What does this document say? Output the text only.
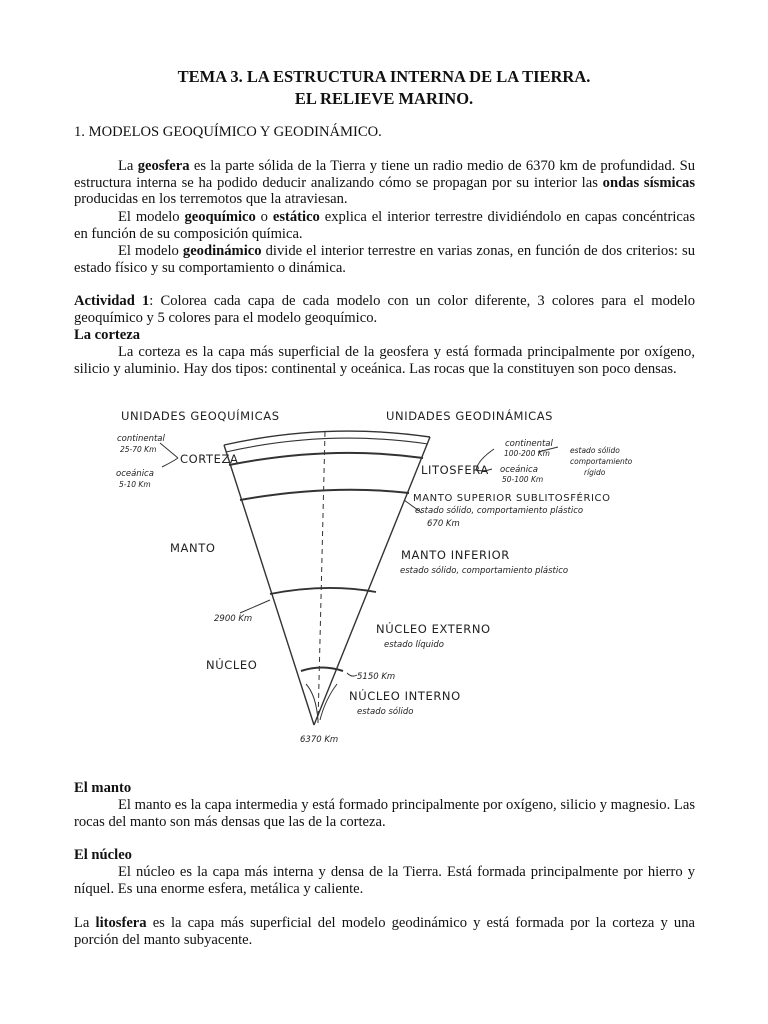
TEMA 3. LA ESTRUCTURA INTERNA DE LA TIERRA.
EL RELIEVE MARINO.
1. MODELOS GEOQUÍMICO Y GEODINÁMICO.

La geosfera es la parte sólida de la Tierra y tiene un radio medio de 6370 km de profundidad. Su estructura interna se ha podido deducir analizando cómo se propagan por su interior las ondas sísmicas producidas en los terremotos que la atraviesan.

El modelo geoquímico o estático explica el interior terrestre dividiéndolo en capas concéntricas en función de su composición química.

El modelo geodinámico divide el interior terrestre en varias zonas, en función de dos criterios: su estado físico y su comportamiento o dinámica.

Actividad 1: Colorea cada capa de cada modelo con un color diferente, 3 colores para el modelo geoquímico y 5 colores para el modelo geoquímico.

La corteza

La corteza es la capa más superficial de la geosfera y está formada principalmente por oxígeno, silicio y aluminio. Hay dos tipos: continental y oceánica. Las rocas que la constituyen son poco densas.

UNIDADES GEOQUÍMICAS	UNIDADES GEODINÁMICAS
continental
25-70 Km
oceánica
5-10 Km
CORTEZA
MANTO
2900 Km
NÚCLEO
LITOSFERA
continental
100-200 Km
oceánica
50-100 Km
estado sólido
comportamiento
rígido
MANTO SUPERIOR SUBLITOSFÉRICO
estado sólido, comportamiento plástico
670 Km
MANTO INFERIOR
estado sólido, comportamiento plástico
NÚCLEO EXTERNO
estado líquido
5150 Km
NÚCLEO INTERNO
estado sólido
6370 Km
El manto

El manto es la capa intermedia y está formado principalmente por oxígeno, silicio y magnesio. Las rocas del manto son más densas que las de la corteza.

El núcleo

El núcleo es la capa más interna y densa de la Tierra. Está formada principalmente por hierro y níquel. Es una enorme esfera, metálica y caliente.

La litosfera es la capa más superficial del modelo geodinámico y está formada por la corteza y una porción del manto subyacente.
